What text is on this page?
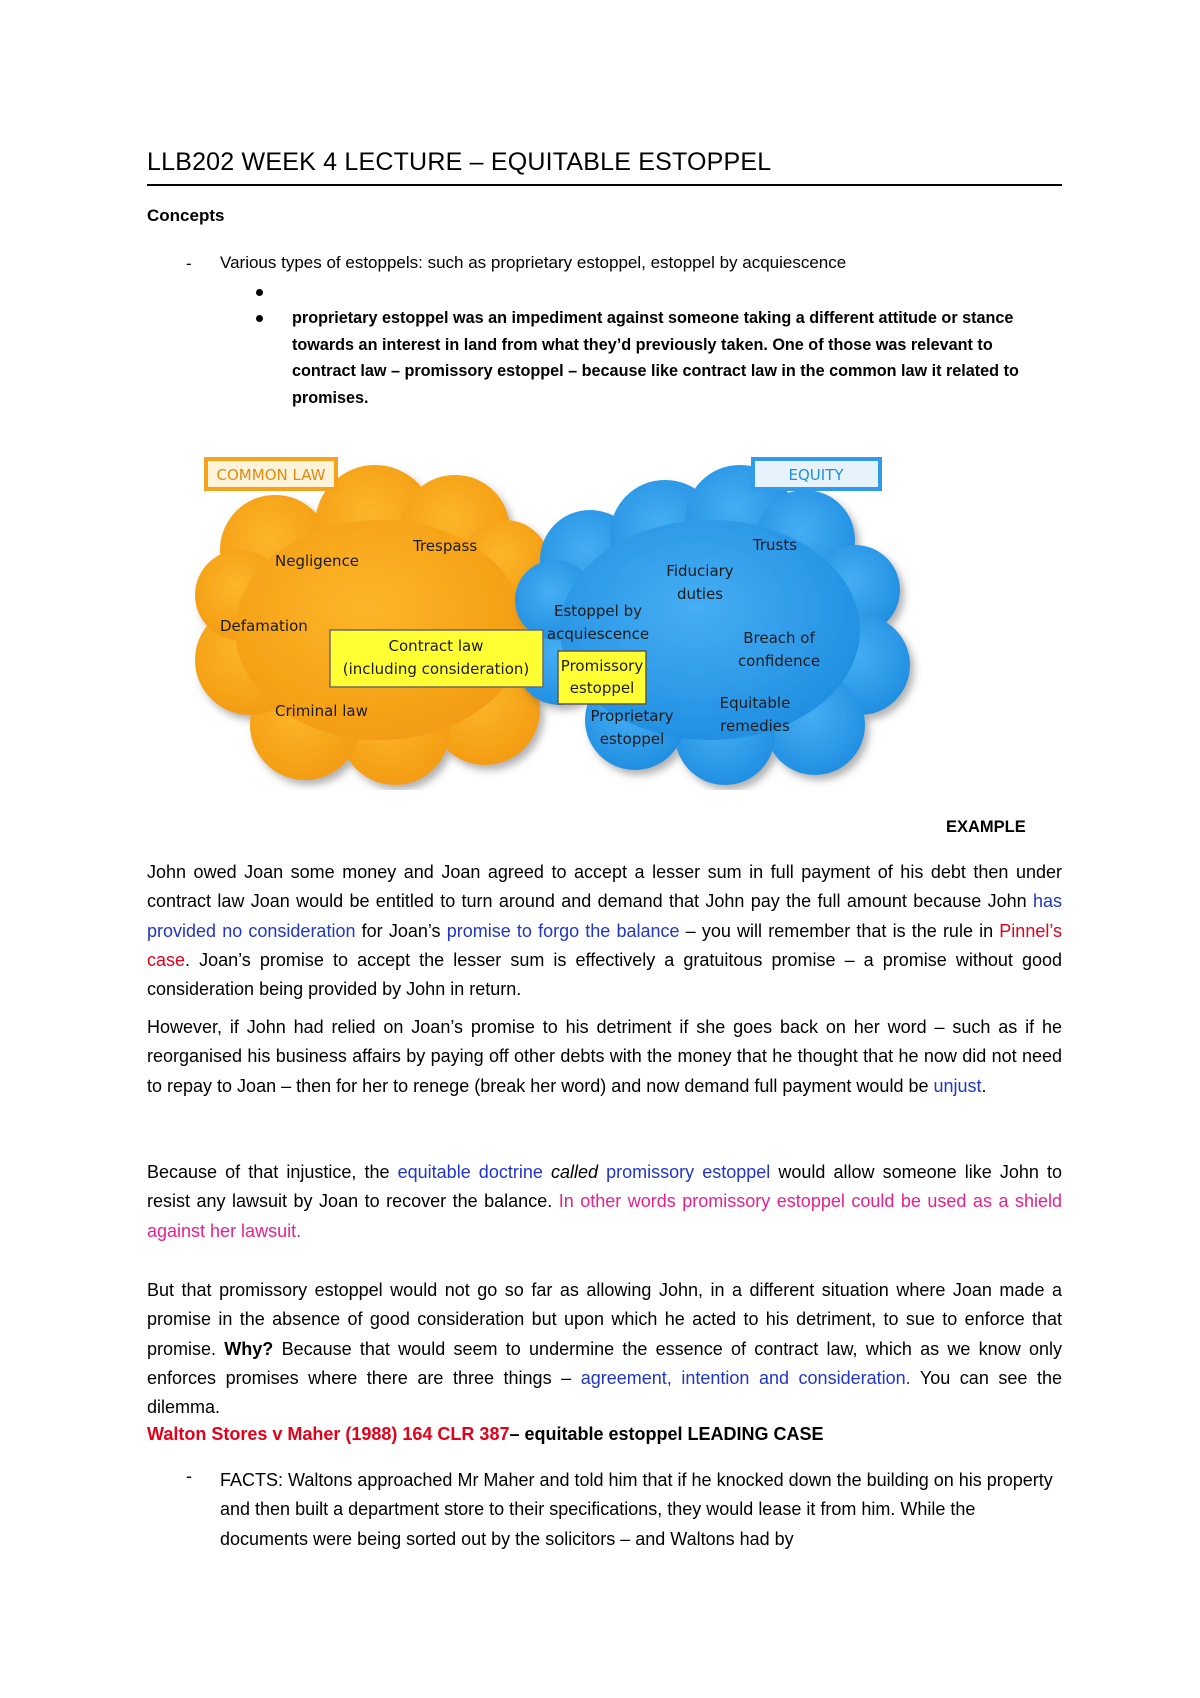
LLB202 WEEK 4 LECTURE – EQUITABLE ESTOPPEL
Concepts
- Various types of estoppels: such as proprietary estoppel, estoppel by acquiescence
proprietary estoppel was an impediment against someone taking a different attitude or stance towards an interest in land from what they’d previously taken. One of those was relevant to contract law – promissory estoppel – because like contract law in the common law it related to promises.
COMMON LAW	EQUITY
Negligence
Trespass
Defamation
Criminal law
Contract law
(including consideration)
Fiduciary
duties
Trusts
Estoppel by
acquiescence	Breach of
confidence
Promissory
estoppel
Proprietary
estoppel
Equitable
remedies
EXAMPLE
John owed Joan some money and Joan agreed to accept a lesser sum in full payment of his debt then under contract law Joan would be entitled to turn around and demand that John pay the full amount because John has provided no consideration for Joan’s promise to forgo the balance – you will remember that is the rule in Pinnel’s case. Joan’s promise to accept the lesser sum is effectively a gratuitous promise – a promise without good consideration being provided by John in return.
However, if John had relied on Joan’s promise to his detriment if she goes back on her word – such as if he reorganised his business affairs by paying off other debts with the money that he thought that he now did not need to repay to Joan – then for her to renege (break her word) and now demand full payment would be unjust.
Because of that injustice, the equitable doctrine called promissory estoppel would allow someone like John to resist any lawsuit by Joan to recover the balance. In other words promissory estoppel could be used as a shield against her lawsuit.
But that promissory estoppel would not go so far as allowing John, in a different situation where Joan made a promise in the absence of good consideration but upon which he acted to his detriment, to sue to enforce that promise. Why? Because that would seem to undermine the essence of contract law, which as we know only enforces promises where there are three things – agreement, intention and consideration. You can see the dilemma.
Walton Stores v Maher (1988) 164 CLR 387– equitable estoppel LEADING CASE
- FACTS: Waltons approached Mr Maher and told him that if he knocked down the building on his property and then built a department store to their specifications, they would lease it from him. While the documents were being sorted out by the solicitors – and Waltons had by
